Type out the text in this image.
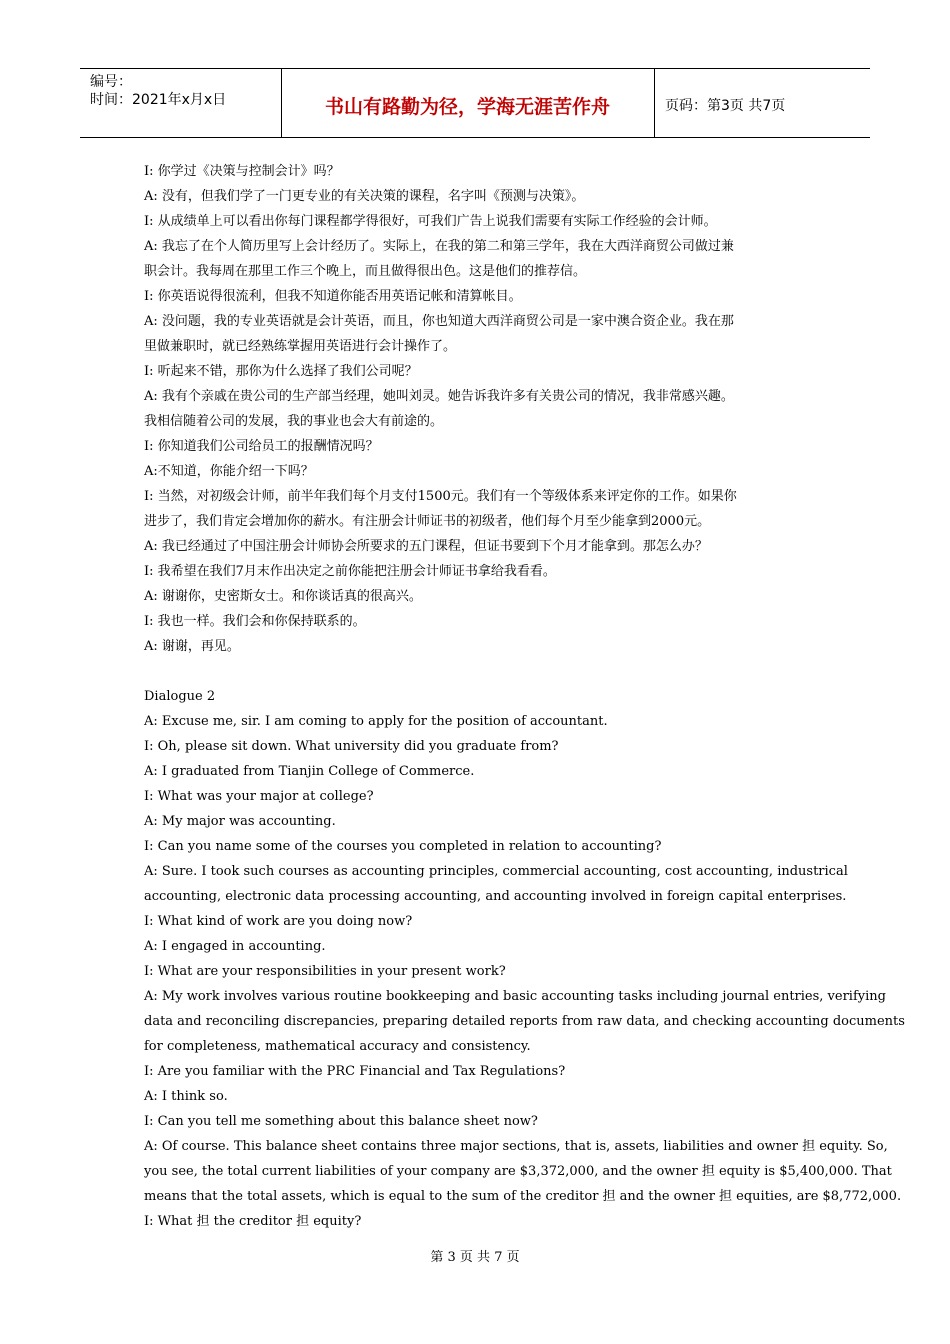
编号：
时间：2021年x月x日	书山有路勤为径，学海无涯苦作舟	页码：第3页 共7页
I: 你学过《决策与控制会计》吗？
A: 没有，但我们学了一门更专业的有关决策的课程，名字叫《预测与决策》。
I: 从成绩单上可以看出你每门课程都学得很好，可我们广告上说我们需要有实际工作经验的会计师。
A: 我忘了在个人简历里写上会计经历了。实际上，在我的第二和第三学年，我在大西洋商贸公司做过兼
职会计。我每周在那里工作三个晚上，而且做得很出色。这是他们的推荐信。
I: 你英语说得很流利，但我不知道你能否用英语记帐和清算帐目。
A: 没问题，我的专业英语就是会计英语，而且，你也知道大西洋商贸公司是一家中澳合资企业。我在那
里做兼职时，就已经熟练掌握用英语进行会计操作了。
I: 听起来不错，那你为什么选择了我们公司呢？
A: 我有个亲戚在贵公司的生产部当经理，她叫刘灵。她告诉我许多有关贵公司的情况，我非常感兴趣。
我相信随着公司的发展，我的事业也会大有前途的。
I: 你知道我们公司给员工的报酬情况吗？
A:不知道，你能介绍一下吗？
I: 当然，对初级会计师，前半年我们每个月支付1500元。我们有一个等级体系来评定你的工作。如果你
进步了，我们肯定会增加你的薪水。有注册会计师证书的初级者，他们每个月至少能拿到2000元。
A: 我已经通过了中国注册会计师协会所要求的五门课程，但证书要到下个月才能拿到。那怎么办？
I: 我希望在我们7月末作出决定之前你能把注册会计师证书拿给我看看。
A: 谢谢你，史密斯女士。和你谈话真的很高兴。
I: 我也一样。我们会和你保持联系的。
A: 谢谢，再见。
Dialogue 2
A: Excuse me, sir. I am coming to apply for the position of accountant.
I: Oh, please sit down. What university did you graduate from?
A: I graduated from Tianjin College of Commerce.
I: What was your major at college?
A: My major was accounting.
I: Can you name some of the courses you completed in relation to accounting?
A: Sure. I took such courses as accounting principles, commercial accounting, cost accounting, industrical
accounting, electronic data processing accounting, and accounting involved in foreign capital enterprises.
I: What kind of work are you doing now?
A: I engaged in accounting.
I: What are your responsibilities in your present work?
A: My work involves various routine bookkeeping and basic accounting tasks including journal entries, verifying
data and reconciling discrepancies, preparing detailed reports from raw data, and checking accounting documents
for completeness, mathematical accuracy and consistency.
I: Are you familiar with the PRC Financial and Tax Regulations?
A: I think so.
I: Can you tell me something about this balance sheet now?
A: Of course. This balance sheet contains three major sections, that is, assets, liabilities and owner 担 equity. So,
you see, the total current liabilities of your company are $3,372,000, and the owner 担 equity is $5,400,000. That
means that the total assets, which is equal to the sum of the creditor 担 and the owner 担 equities, are $8,772,000.
I: What 担 the creditor 担 equity?
第 3 页 共 7 页
